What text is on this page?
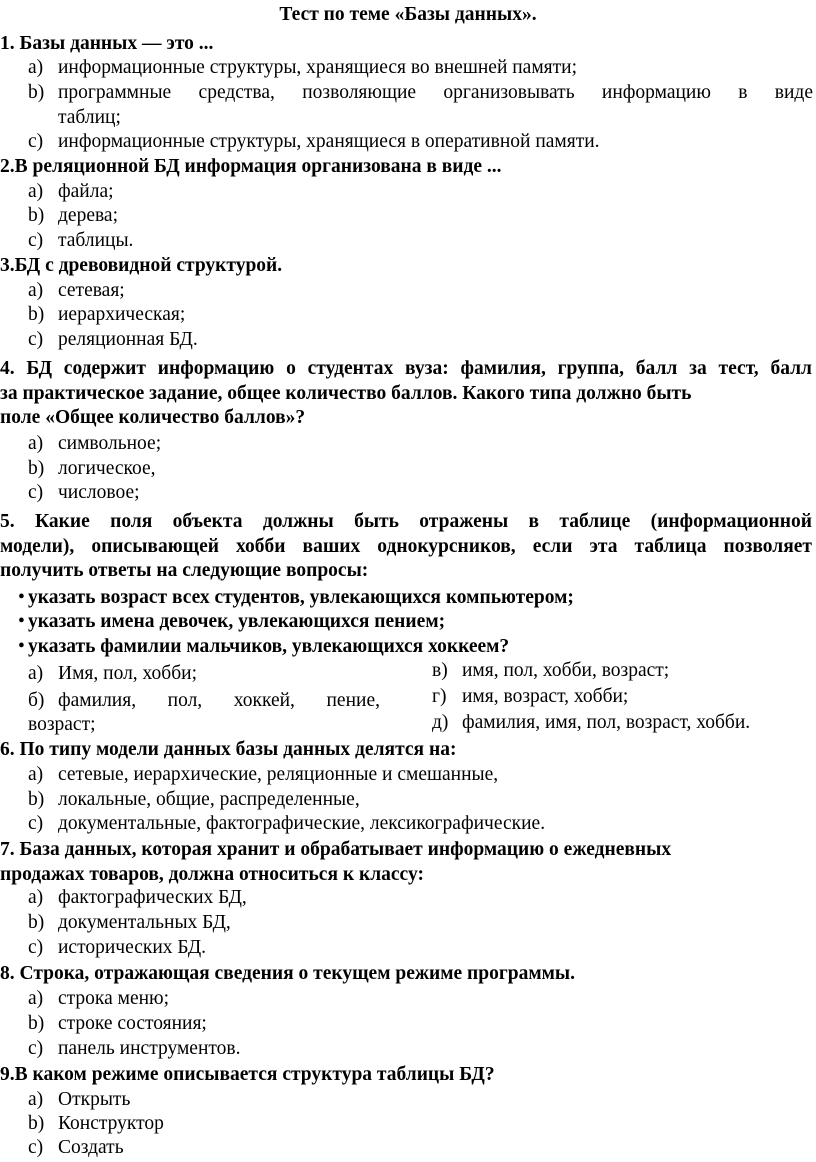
Тест по теме «Базы данных».
1. Базы данных — это ...
a) информационные структуры, хранящиеся во внешней памяти;
b) программные средства, позволяющие организовывать информацию в виде
таблиц;
c) информационные структуры, хранящиеся в оперативной памяти.
2.В реляционной БД информация организована в виде ...
a) файла;
b) дерева;
c) таблицы.
3.БД с древовидной структурой.
a) сетевая;
b) иерархическая;
c) реляционная БД.
4. БД содержит информацию о студентах вуза: фамилия, группа, балл за тест, балл
за практическое задание, общее количество баллов. Какого типа должно быть
поле «Общее количество баллов»?
a) символьное;
b) логическое,
c) числовое;
5. Какие поля объекта должны быть отражены в таблице (информационной
модели), описывающей хобби ваших однокурсников, если эта таблица позволяет
получить ответы на следующие вопросы:
• указать возраст всех студентов, увлекающихся компьютером;
• указать имена девочек, увлекающихся пением;
• указать фамилии мальчиков, увлекающихся хоккеем?
а) Имя, пол, хобби;
б) фамилия, пол, хоккей, пение,
возраст;
в) имя, пол, хобби, возраст;
г) имя, возраст, хобби;
д) фамилия, имя, пол, возраст, хобби.
6. По типу модели данных базы данных делятся на:
a) сетевые, иерархические, реляционные и смешанные,
b) локальные, общие, распределенные,
c) документальные, фактографические, лексикографические.
7. База данных, которая хранит и обрабатывает информацию о ежедневных
продажах товаров, должна относиться к классу:
a) фактографических БД,
b) документальных БД,
c) исторических БД.
8. Строка, отражающая сведения о текущем режиме программы.
a) строка меню;
b) строке состояния;
c) панель инструментов.
9.В каком режиме описывается структура таблицы БД?
a) Открыть
b) Конструктор
c) Создать
